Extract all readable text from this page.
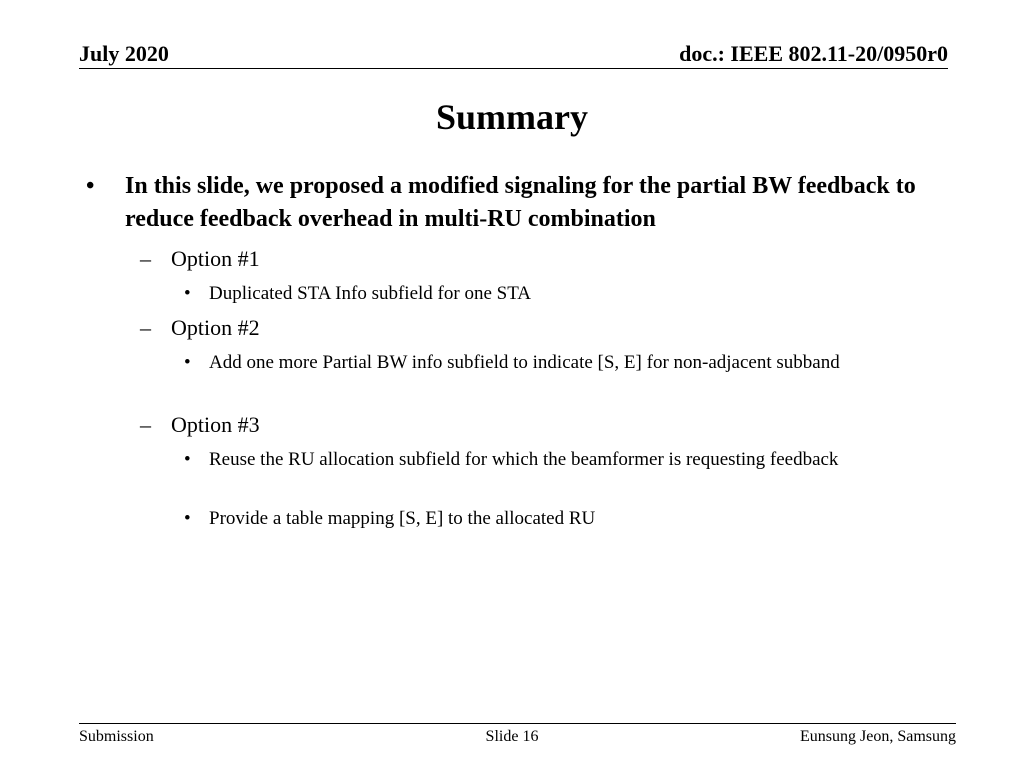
July 2020	doc.: IEEE 802.11-20/0950r0
Summary
• In this slide, we proposed a modified signaling for the partial BW feedback to reduce feedback overhead in multi-RU combination
– Option #1
• Duplicated STA Info subfield for one STA
– Option #2
• Add one more Partial BW info subfield to indicate [S, E] for non-adjacent subband
– Option #3
• Reuse the RU allocation subfield for which the beamformer is requesting feedback
• Provide a table mapping [S, E] to the allocated RU
Submission	Slide 16	Eunsung Jeon, Samsung
